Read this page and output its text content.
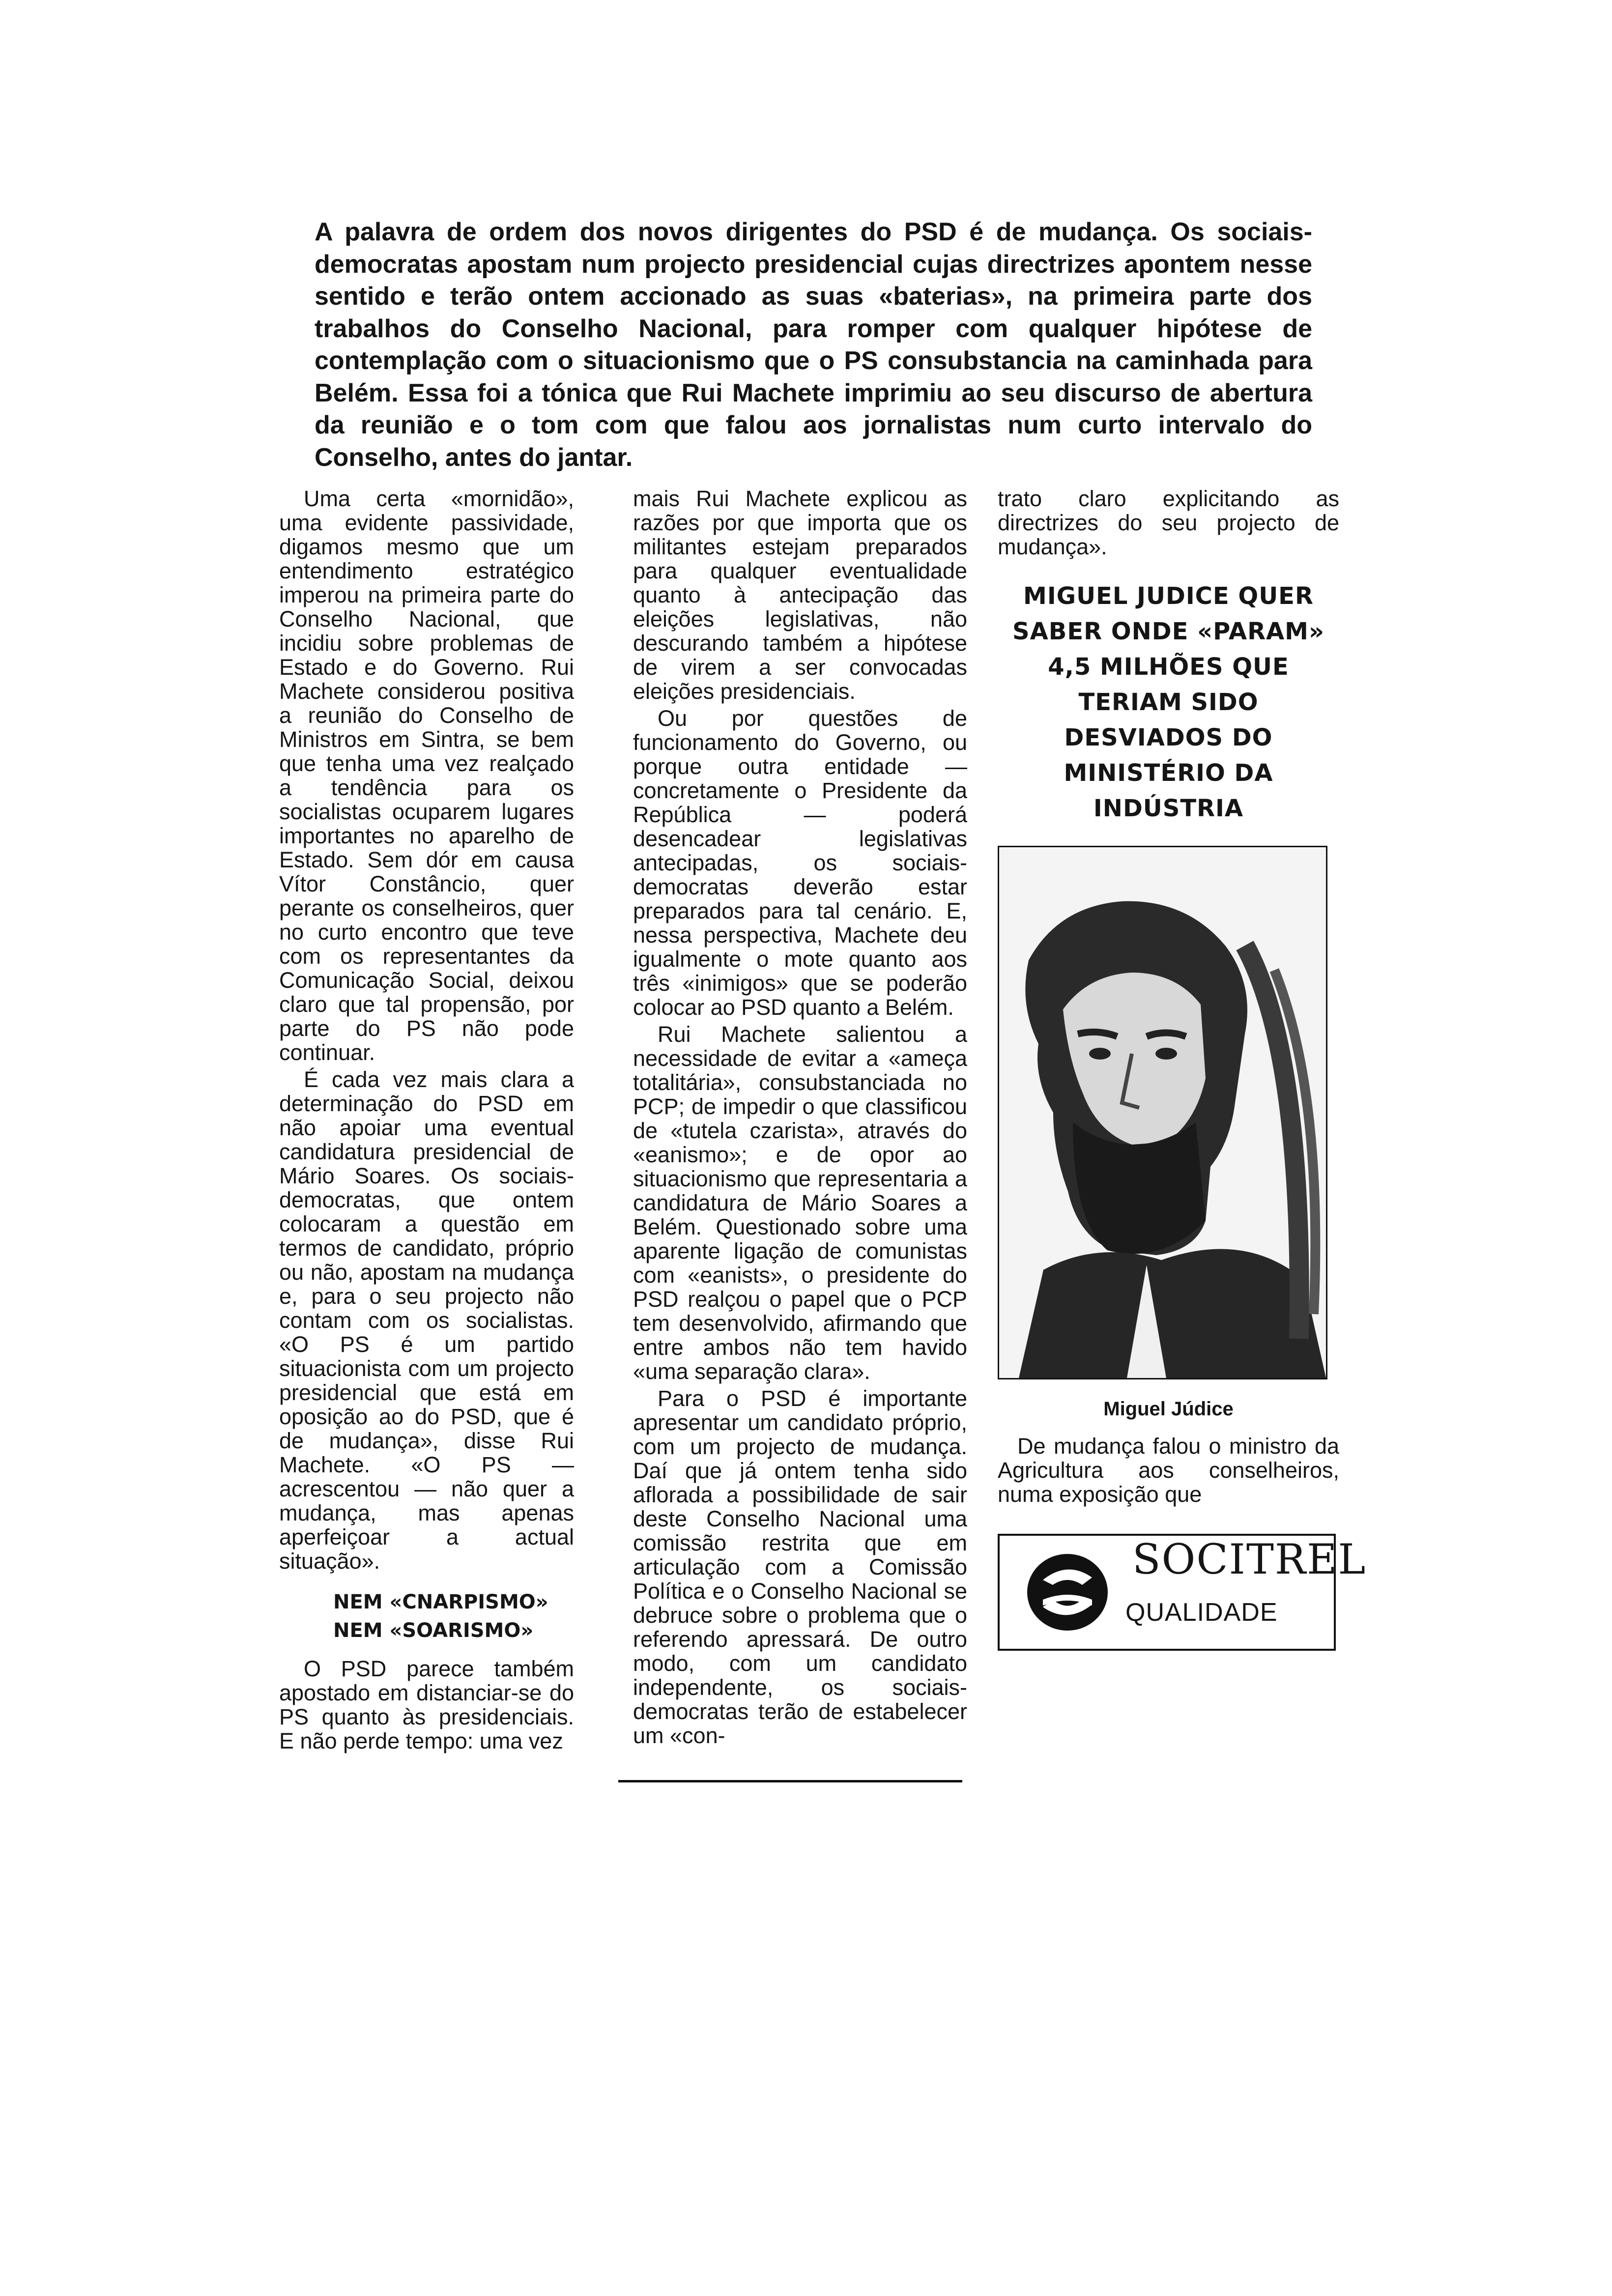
A palavra de ordem dos novos dirigentes do PSD é de mudança. Os sociais-democratas apostam num projecto presidencial cujas directrizes apontem nesse sentido e terão ontem accionado as suas «baterias», na primeira parte dos trabalhos do Conselho Nacional, para romper com qualquer hipótese de contemplação com o situacionismo que o PS consubstancia na caminhada para Belém. Essa foi a tónica que Rui Machete imprimiu ao seu discurso de abertura da reunião e o tom com que falou aos jornalistas num curto intervalo do Conselho, antes do jantar.

Uma certa «mornidão», uma evidente passividade, digamos mesmo que um entendimento estratégico imperou na primeira parte do Conselho Nacional, que incidiu sobre problemas de Estado e do Governo. Rui Machete considerou positiva a reunião do Conselho de Ministros em Sintra, se bem que tenha uma vez realçado a tendência para os socialistas ocuparem lugares importantes no aparelho de Estado. Sem dór em causa Vítor Constâncio, quer perante os conselheiros, quer no curto encontro que teve com os representantes da Comunicação Social, deixou claro que tal propensão, por parte do PS não pode continuar.

É cada vez mais clara a determinação do PSD em não apoiar uma eventual candidatura presidencial de Mário Soares. Os sociais-democratas, que ontem colocaram a questão em termos de candidato, próprio ou não, apostam na mudança e, para o seu projecto não contam com os socialistas. «O PS é um partido situacionista com um projecto presidencial que está em oposição ao do PSD, que é de mudança», disse Rui Machete. «O PS — acrescentou — não quer a mudança, mas apenas aperfeiçoar a actual situação».

NEM «CNARPISMO»
NEM «SOARISMO»

O PSD parece também apostado em distanciar-se do PS quanto às presidenciais. E não perde tempo: uma vez

mais Rui Machete explicou as razões por que importa que os militantes estejam preparados para qualquer eventualidade quanto à antecipação das eleições legislativas, não descurando também a hipótese de virem a ser convocadas eleições presidenciais.

Ou por questões de funcionamento do Governo, ou porque outra entidade — concretamente o Presidente da República — poderá desencadear legislativas antecipadas, os sociais-democratas deverão estar preparados para tal cenário. E, nessa perspectiva, Machete deu igualmente o mote quanto aos três «inimigos» que se poderão colocar ao PSD quanto a Belém.

Rui Machete salientou a necessidade de evitar a «ameça totalitária», consubstanciada no PCP; de impedir o que classificou de «tutela czarista», através do «eanismo»; e de opor ao situacionismo que representaria a candidatura de Mário Soares a Belém. Questionado sobre uma aparente ligação de comunistas com «eanists», o presidente do PSD realçou o papel que o PCP tem desenvolvido, afirmando que entre ambos não tem havido «uma separação clara».

Para o PSD é importante apresentar um candidato próprio, com um projecto de mudança. Daí que já ontem tenha sido aflorada a possibilidade de sair deste Conselho Nacional uma comissão restrita que em articulação com a Comissão Política e o Conselho Nacional se debruce sobre o problema que o referendo apressará. De outro modo, com um candidato independente, os sociais-democratas terão de estabelecer um «con-

trato claro explicitando as directrizes do seu projecto de mudança».

MIGUEL JUDICE QUER SABER ONDE «PARAM» 4,5 MILHÕES QUE TERIAM SIDO DESVIADOS DO MINISTÉRIO DA INDÚSTRIA
Miguel Júdice

De mudança falou o ministro da Agricultura aos conselheiros, numa exposição que

SOCITREL
QUALIDADE
